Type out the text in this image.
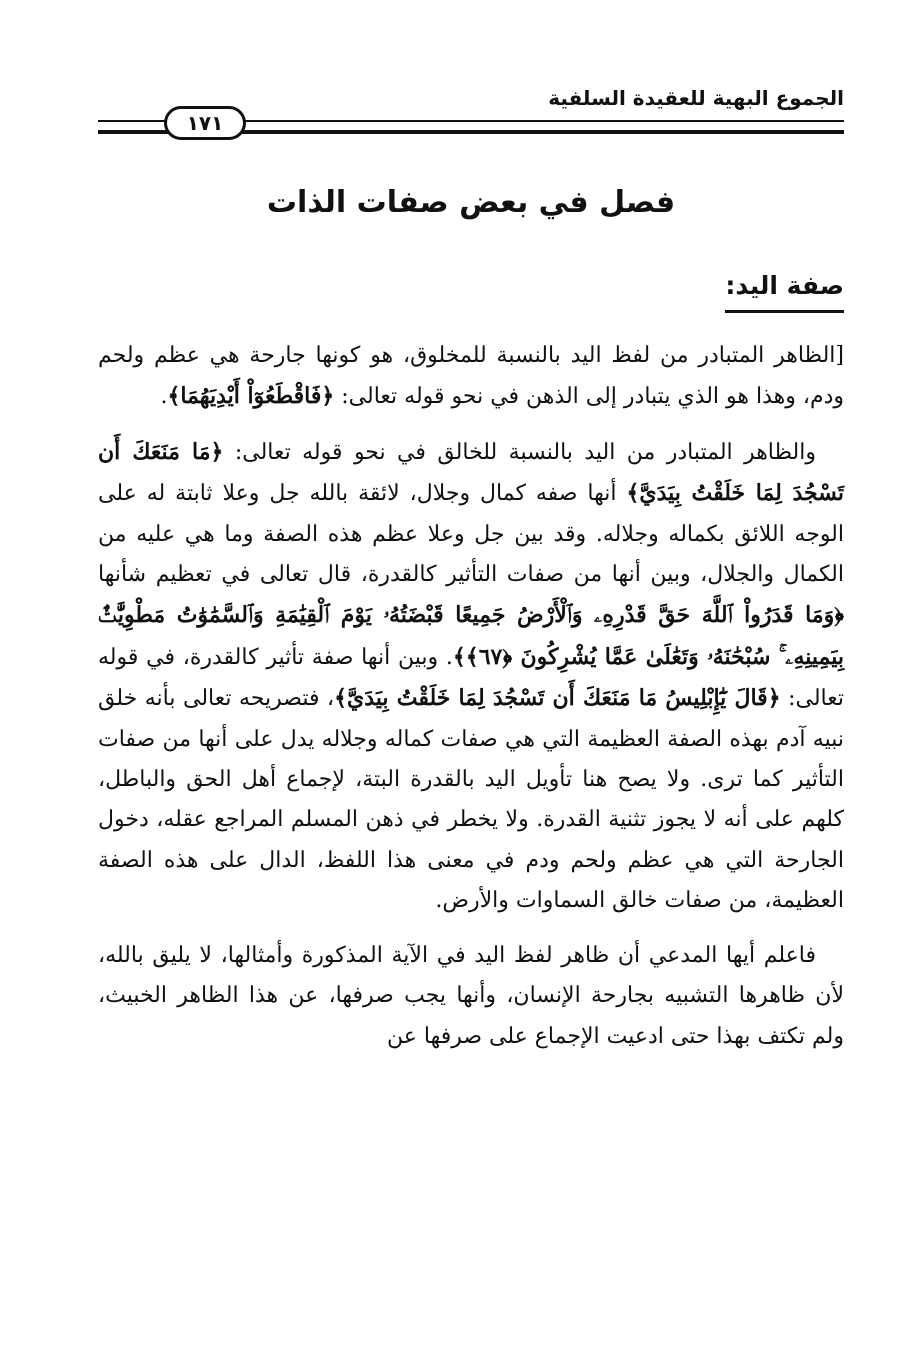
الجموع البهية للعقيدة السلفية
١٧١
فصل في بعض صفات الذات
صفة اليد:

[الظاهر المتبادر من لفظ اليد بالنسبة للمخلوق، هو كونها جارحة هي عظم ولحم ودم، وهذا هو الذي يتبادر إلى الذهن في نحو قوله تعالى: ﴿فَاقْطَعُوٓاْ أَيْدِيَهُمَا﴾.

والظاهر المتبادر من اليد بالنسبة للخالق في نحو قوله تعالى: ﴿مَا مَنَعَكَ أَن تَسْجُدَ لِمَا خَلَقْتُ بِيَدَيَّ﴾ أنها صفه كمال وجلال، لائقة بالله جل وعلا ثابتة له على الوجه اللائق بكماله وجلاله. وقد بين جل وعلا عظم هذه الصفة وما هي عليه من الكمال والجلال، وبين أنها من صفات التأثير كالقدرة، قال تعالى في تعظيم شأنها ﴿وَمَا قَدَرُواْ ٱللَّهَ حَقَّ قَدْرِهِۦ وَٱلْأَرْضُ جَمِيعًا قَبْضَتُهُۥ يَوْمَ ٱلْقِيَٰمَةِ وَٱلسَّمَٰوَٰتُ مَطْوِيَّٰتٌۢ بِيَمِينِهِۦ ۚ سُبْحَٰنَهُۥ وَتَعَٰلَىٰ عَمَّا يُشْرِكُونَ ﴿٦٧﴾﴾. وبين أنها صفة تأثير كالقدرة، في قوله تعالى: ﴿قَالَ يَٰٓإِبْلِيسُ مَا مَنَعَكَ أَن تَسْجُدَ لِمَا خَلَقْتُ بِيَدَيَّ﴾، فتصريحه تعالى بأنه خلق نبيه آدم بهذه الصفة العظيمة التي هي صفات كماله وجلاله يدل على أنها من صفات التأثير كما ترى. ولا يصح هنا تأويل اليد بالقدرة البتة، لإجماع أهل الحق والباطل، كلهم على أنه لا يجوز تثنية القدرة. ولا يخطر في ذهن المسلم المراجع عقله، دخول الجارحة التي هي عظم ولحم ودم في معنى هذا اللفظ، الدال على هذه الصفة العظيمة، من صفات خالق السماوات والأرض.

فاعلم أيها المدعي أن ظاهر لفظ اليد في الآية المذكورة وأمثالها، لا يليق بالله، لأن ظاهرها التشبيه بجارحة الإنسان، وأنها يجب صرفها، عن هذا الظاهر الخبيث، ولم تكتف بهذا حتى ادعيت الإجماع على صرفها عن
